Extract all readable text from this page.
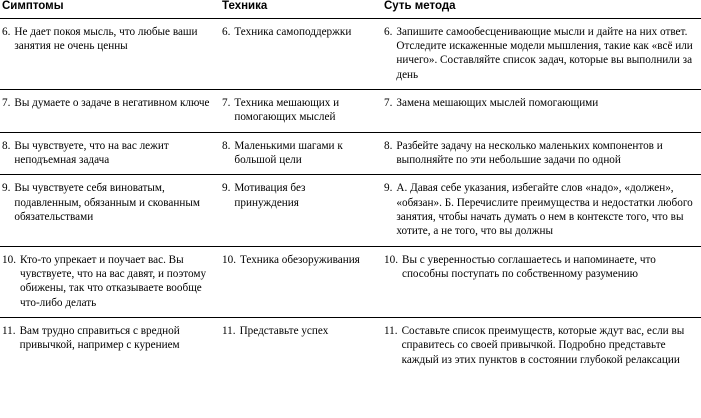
Симптомы	Техника	Суть метода

6. Не дает покоя мысль, что любые ваши занятия не очень ценны	6. Техника самоподдержки	6. Запишите самообесценивающие мысли и дайте на них ответ. Отследите искаженные модели мышления, такие как «всё или ничего». Составляйте список задач, которые вы выполнили за день

7. Вы думаете о задаче в негативном ключе	7. Техника мешающих и помогающих мыслей	7. Замена мешающих мыслей помогающими

8. Вы чувствуете, что на вас лежит неподъемная задача	8. Маленькими шагами к большой цели	8. Разбейте задачу на несколько маленьких компонентов и выполняйте по эти небольшие задачи по одной

9. Вы чувствуете себя виноватым, подавленным, обязанным и скованным обязательствами	9. Мотивация без принуждения	9. А. Давая себе указания, избегайте слов «надо», «должен», «обязан». Б. Перечислите преимущества и недостатки любого занятия, чтобы начать думать о нем в контексте того, что вы хотите, а не того, что вы должны

10. Кто-то упрекает и поучает вас. Вы чувствуете, что на вас давят, и поэтому обижены, так что отказываете вообще что-либо делать	10. Техника обезоруживания	10. Вы с уверенностью соглашаетесь и напоминаете, что способны поступать по собственному разумению

11. Вам трудно справиться с вредной привычкой, например с курением	11. Представьте успех	11. Составьте список преимуществ, которые ждут вас, если вы справитесь со своей привычкой. Подробно представьте каждый из этих пунктов в состоянии глубокой релаксации
